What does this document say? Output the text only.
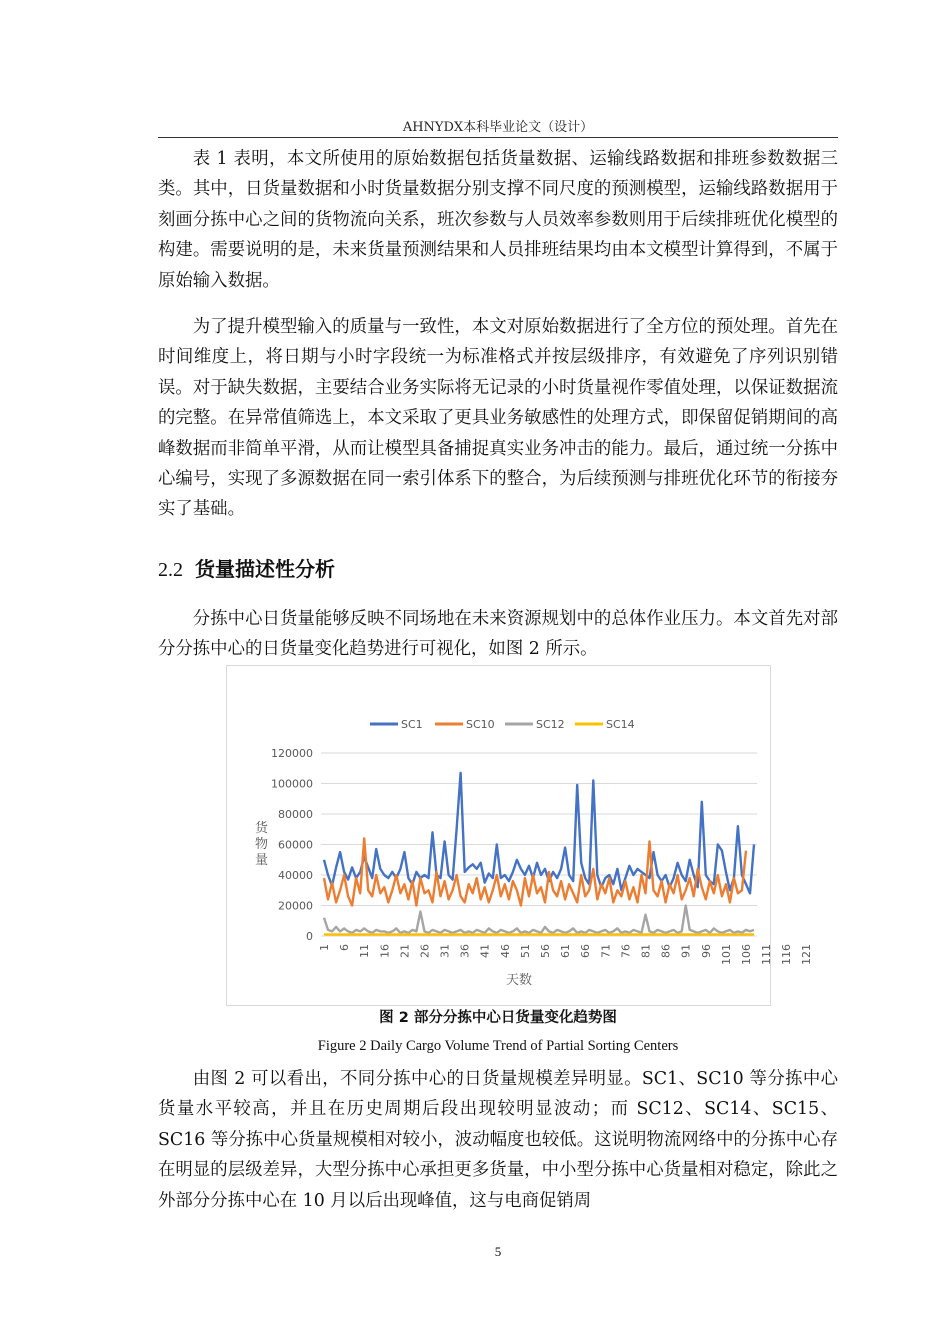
AHNYDX本科毕业论文（设计）

表 1 表明，本文所使用的原始数据包括货量数据、运输线路数据和排班参数数据三类。其中，日货量数据和小时货量数据分别支撑不同尺度的预测模型，运输线路数据用于刻画分拣中心之间的货物流向关系，班次参数与人员效率参数则用于后续排班优化模型的构建。需要说明的是，未来货量预测结果和人员排班结果均由本文模型计算得到，不属于原始输入数据。

为了提升模型输入的质量与一致性，本文对原始数据进行了全方位的预处理。首先在时间维度上，将日期与小时字段统一为标准格式并按层级排序，有效避免了序列识别错误。对于缺失数据，主要结合业务实际将无记录的小时货量视作零值处理，以保证数据流的完整。在异常值筛选上，本文采取了更具业务敏感性的处理方式，即保留促销期间的高峰数据而非简单平滑，从而让模型具备捕捉真实业务冲击的能力。最后，通过统一分拣中心编号，实现了多源数据在同一索引体系下的整合，为后续预测与排班优化环节的衔接夯实了基础。

2.2 货量描述性分析

分拣中心日货量能够反映不同场地在未来资源规划中的总体作业压力。本文首先对部分分拣中心的日货量变化趋势进行可视化，如图 2 所示。

SC1	SC10	SC12	SC14
0
20000
40000
60000
80000
100000
120000
1 6 11 16 21 26 31 36 41 46 51 56 61 66 71 76 81 86 91 96 101 106 111 116 121
货物量
天数
图 2 部分分拣中心日货量变化趋势图
Figure 2 Daily Cargo Volume Trend of Partial Sorting Centers

由图 2 可以看出，不同分拣中心的日货量规模差异明显。SC1、SC10 等分拣中心货量水平较高，并且在历史周期后段出现较明显波动；而 SC12、SC14、SC15、SC16 等分拣中心货量规模相对较小，波动幅度也较低。这说明物流网络中的分拣中心存在明显的层级差异，大型分拣中心承担更多货量，中小型分拣中心货量相对稳定，除此之外部分分拣中心在 10 月以后出现峰值，这与电商促销周

5
